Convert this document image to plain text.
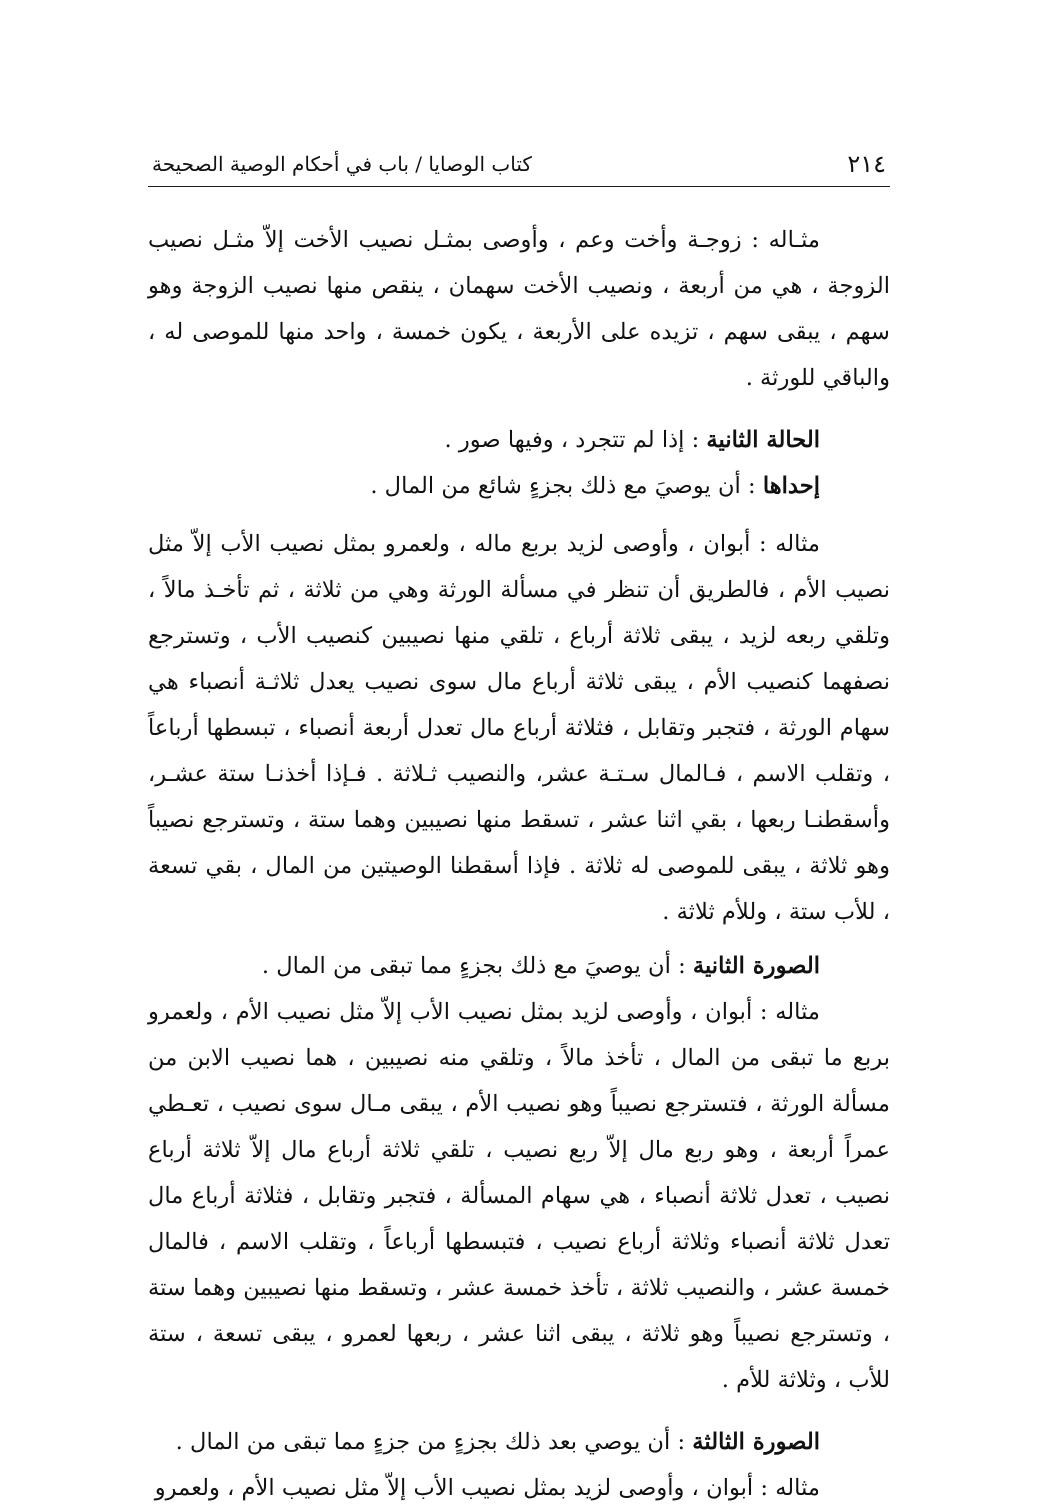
٢١٤
كتاب الوصايا / باب في أحكام الوصية الصحيحة

مثـاله : زوجـة وأخت وعم ، وأوصى بمثـل نصيب الأخت إلاّ مثـل نصيب الزوجة ، هي من أربعة ، ونصيب الأخت سهمان ، ينقص منها نصيب الزوجة وهو سهم ، يبقى سهم ، تزيده على الأربعة ، يكون خمسة ، واحد منها للموصى له ، والباقي للورثة .

الحالة الثانية : إذا لم تتجرد ، وفيها صور .

إحداها : أن يوصيَ مع ذلك بجزءٍ شائع من المال .

مثاله : أبوان ، وأوصى لزيد بربع ماله ، ولعمرو بمثل نصيب الأب إلاّ مثل نصيب الأم ، فالطريق أن تنظر في مسألة الورثة وهي من ثلاثة ، ثم تأخـذ مالاً ، وتلقي ربعه لزيد ، يبقى ثلاثة أرباع ، تلقي منها نصيبين كنصيب الأب ، وتسترجع نصفهما كنصيب الأم ، يبقى ثلاثة أرباع مال سوى نصيب يعدل ثلاثـة أنصباء هي سهام الورثة ، فتجبر وتقابل ، فثلاثة أرباع مال تعدل أربعة أنصباء ، تبسطها أرباعاً ، وتقلب الاسم ، فـالمال سـتـة عشر، والنصيب ثـلاثة . فـإذا أخذنـا ستة عشـر، وأسقطنـا ربعها ، بقي اثنا عشر ، تسقط منها نصيبين وهما ستة ، وتسترجع نصيباً وهو ثلاثة ، يبقى للموصى له ثلاثة . فإذا أسقطنا الوصيتين من المال ، بقي تسعة ، للأب ستة ، وللأم ثلاثة .

الصورة الثانية : أن يوصيَ مع ذلك بجزءٍ مما تبقى من المال .

مثاله : أبوان ، وأوصى لزيد بمثل نصيب الأب إلاّ مثل نصيب الأم ، ولعمرو بربع ما تبقى من المال ، تأخذ مالاً ، وتلقي منه نصيبين ، هما نصيب الابن من مسألة الورثة ، فتسترجع نصيباً وهو نصيب الأم ، يبقى مـال سوى نصيب ، تعـطي عمراً أربعة ، وهو ربع مال إلاّ ربع نصيب ، تلقي ثلاثة أرباع مال إلاّ ثلاثة أرباع نصيب ، تعدل ثلاثة أنصباء ، هي سهام المسألة ، فتجبر وتقابل ، فثلاثة أرباع مال تعدل ثلاثة أنصباء وثلاثة أرباع نصيب ، فتبسطها أرباعاً ، وتقلب الاسم ، فالمال خمسة عشر ، والنصيب ثلاثة ، تأخذ خمسة عشر ، وتسقط منها نصيبين وهما ستة ، وتسترجع نصيباً وهو ثلاثة ، يبقى اثنا عشر ، ربعها لعمرو ، يبقى تسعة ، ستة للأب ، وثلاثة للأم .

الصورة الثالثة : أن يوصي بعد ذلك بجزءٍ من جزءٍ مما تبقى من المال .

مثاله : أبوان ، وأوصى لزيد بمثل نصيب الأب إلاّ مثل نصيب الأم ، ولعمرو
